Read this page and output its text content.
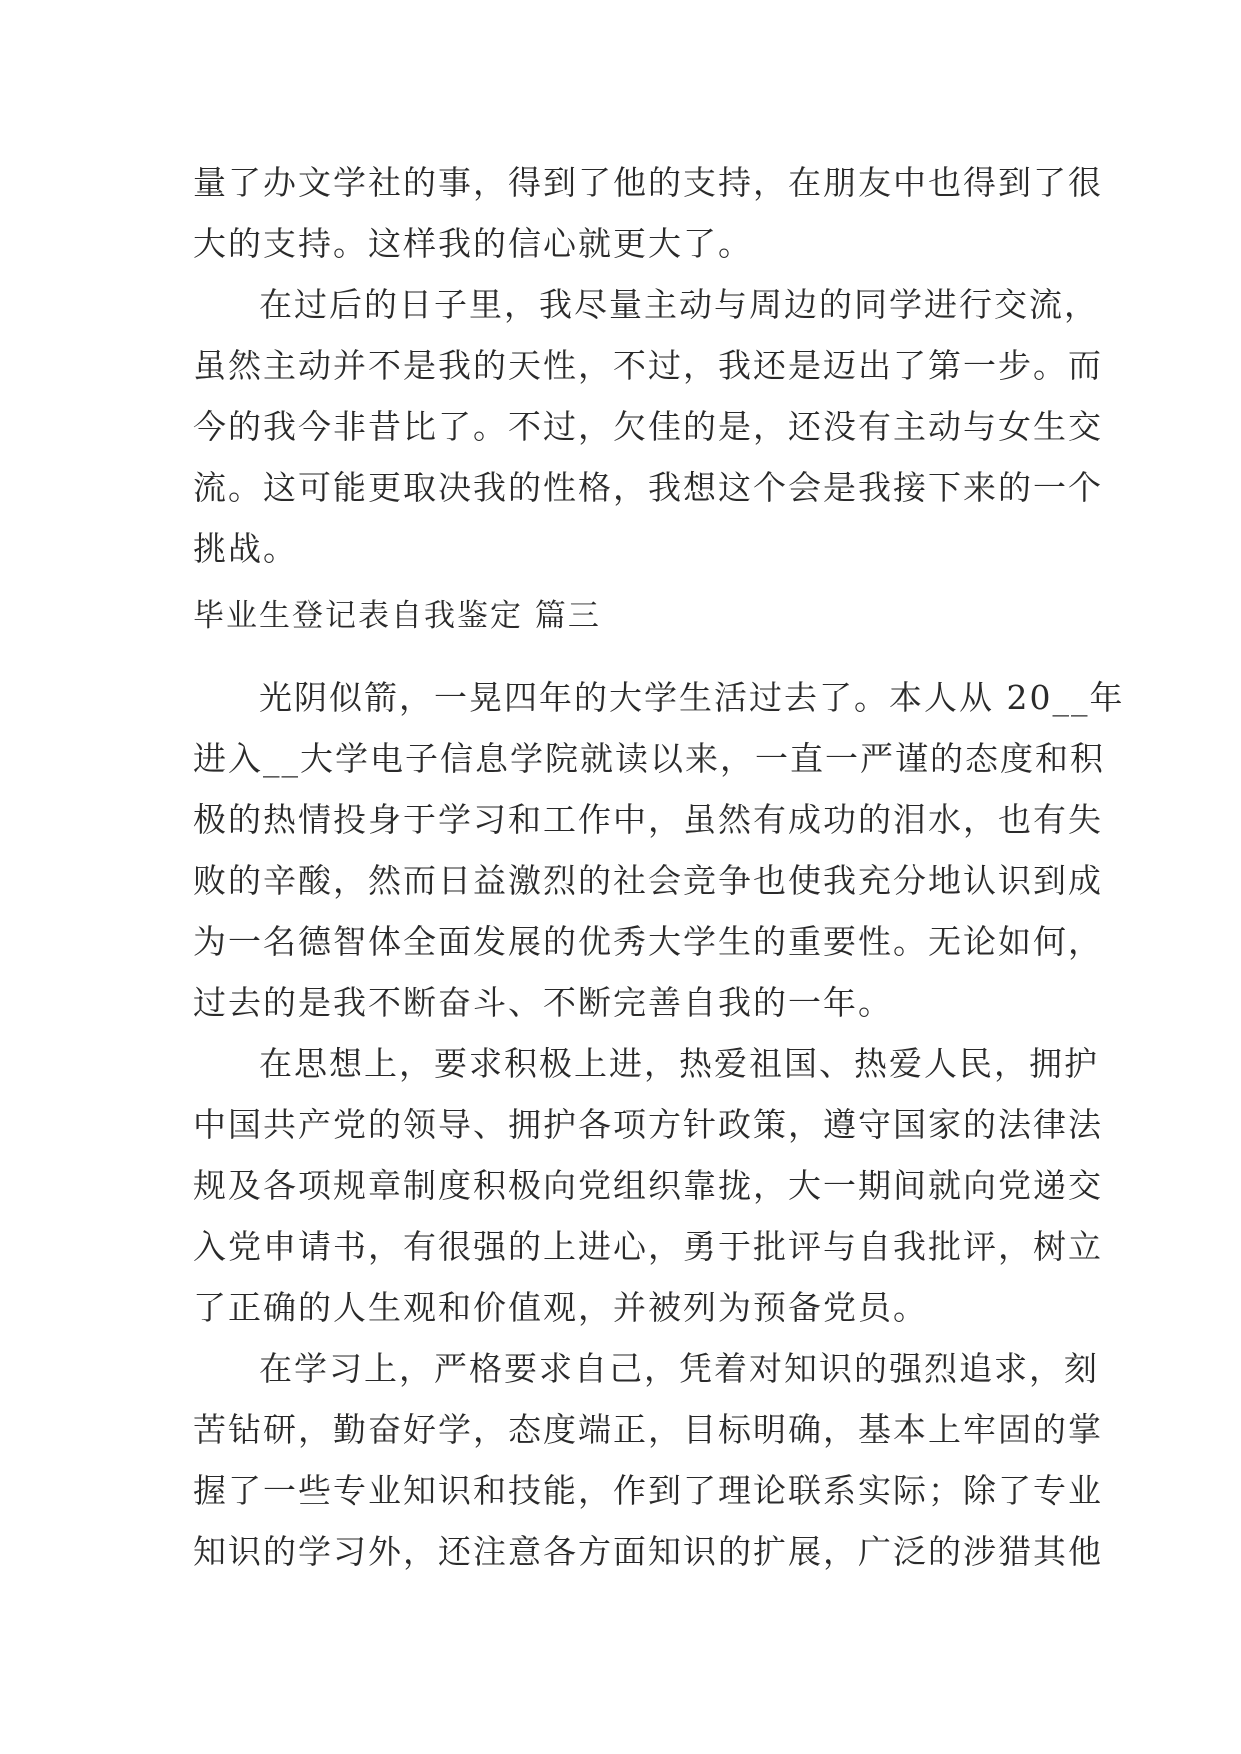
量了办文学社的事，得到了他的支持，在朋友中也得到了很
大的支持。这样我的信心就更大了。
在过后的日子里，我尽量主动与周边的同学进行交流，
虽然主动并不是我的天性，不过，我还是迈出了第一步。而
今的我今非昔比了。不过，欠佳的是，还没有主动与女生交
流。这可能更取决我的性格，我想这个会是我接下来的一个
挑战。
毕业生登记表自我鉴定 篇三
光阴似箭，一晃四年的大学生活过去了。本人从 20__年
进入__大学电子信息学院就读以来，一直一严谨的态度和积
极的热情投身于学习和工作中，虽然有成功的泪水，也有失
败的辛酸，然而日益激烈的社会竞争也使我充分地认识到成
为一名德智体全面发展的优秀大学生的重要性。无论如何，
过去的是我不断奋斗、不断完善自我的一年。
在思想上，要求积极上进，热爱祖国、热爱人民，拥护
中国共产党的领导、拥护各项方针政策，遵守国家的法律法
规及各项规章制度积极向党组织靠拢，大一期间就向党递交
入党申请书，有很强的上进心，勇于批评与自我批评，树立
了正确的人生观和价值观，并被列为预备党员。
在学习上，严格要求自己，凭着对知识的强烈追求，刻
苦钻研，勤奋好学，态度端正，目标明确，基本上牢固的掌
握了一些专业知识和技能，作到了理论联系实际；除了专业
知识的学习外，还注意各方面知识的扩展，广泛的涉猎其他
